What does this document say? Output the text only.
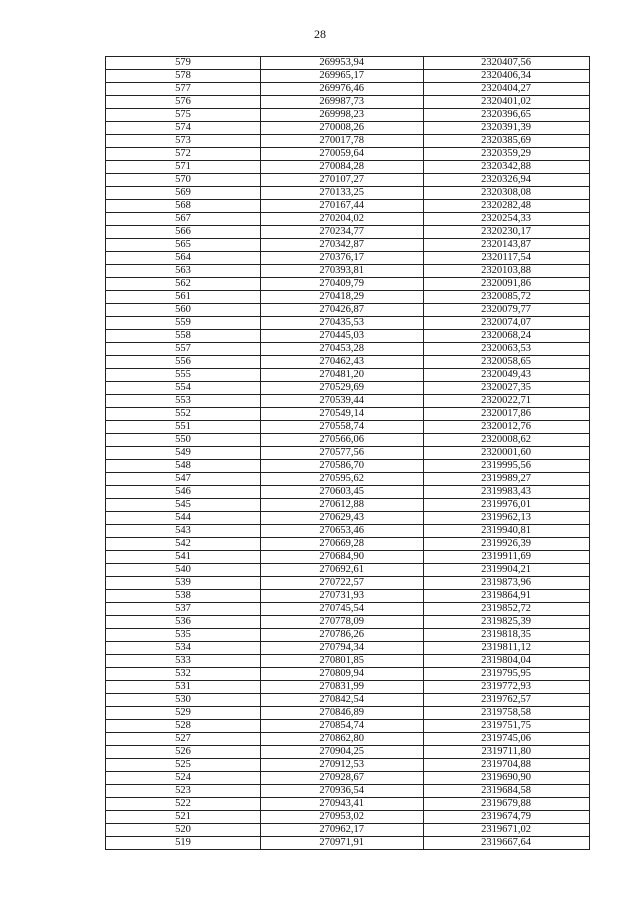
28
579	269953,94	2320407,56
578	269965,17	2320406,34
577	269976,46	2320404,27
576	269987,73	2320401,02
575	269998,23	2320396,65
574	270008,26	2320391,39
573	270017,78	2320385,69
572	270059,64	2320359,29
571	270084,28	2320342,88
570	270107,27	2320326,94
569	270133,25	2320308,08
568	270167,44	2320282,48
567	270204,02	2320254,33
566	270234,77	2320230,17
565	270342,87	2320143,87
564	270376,17	2320117,54
563	270393,81	2320103,88
562	270409,79	2320091,86
561	270418,29	2320085,72
560	270426,87	2320079,77
559	270435,53	2320074,07
558	270445,03	2320068,24
557	270453,28	2320063,53
556	270462,43	2320058,65
555	270481,20	2320049,43
554	270529,69	2320027,35
553	270539,44	2320022,71
552	270549,14	2320017,86
551	270558,74	2320012,76
550	270566,06	2320008,62
549	270577,56	2320001,60
548	270586,70	2319995,56
547	270595,62	2319989,27
546	270603,45	2319983,43
545	270612,88	2319976,01
544	270629,43	2319962,13
543	270653,46	2319940,81
542	270669,28	2319926,39
541	270684,90	2319911,69
540	270692,61	2319904,21
539	270722,57	2319873,96
538	270731,93	2319864,91
537	270745,54	2319852,72
536	270778,09	2319825,39
535	270786,26	2319818,35
534	270794,34	2319811,12
533	270801,85	2319804,04
532	270809,94	2319795,95
531	270831,99	2319772,93
530	270842,54	2319762,57
529	270846,89	2319758,58
528	270854,74	2319751,75
527	270862,80	2319745,06
526	270904,25	2319711,80
525	270912,53	2319704,88
524	270928,67	2319690,90
523	270936,54	2319684,58
522	270943,41	2319679,88
521	270953,02	2319674,79
520	270962,17	2319671,02
519	270971,91	2319667,64
